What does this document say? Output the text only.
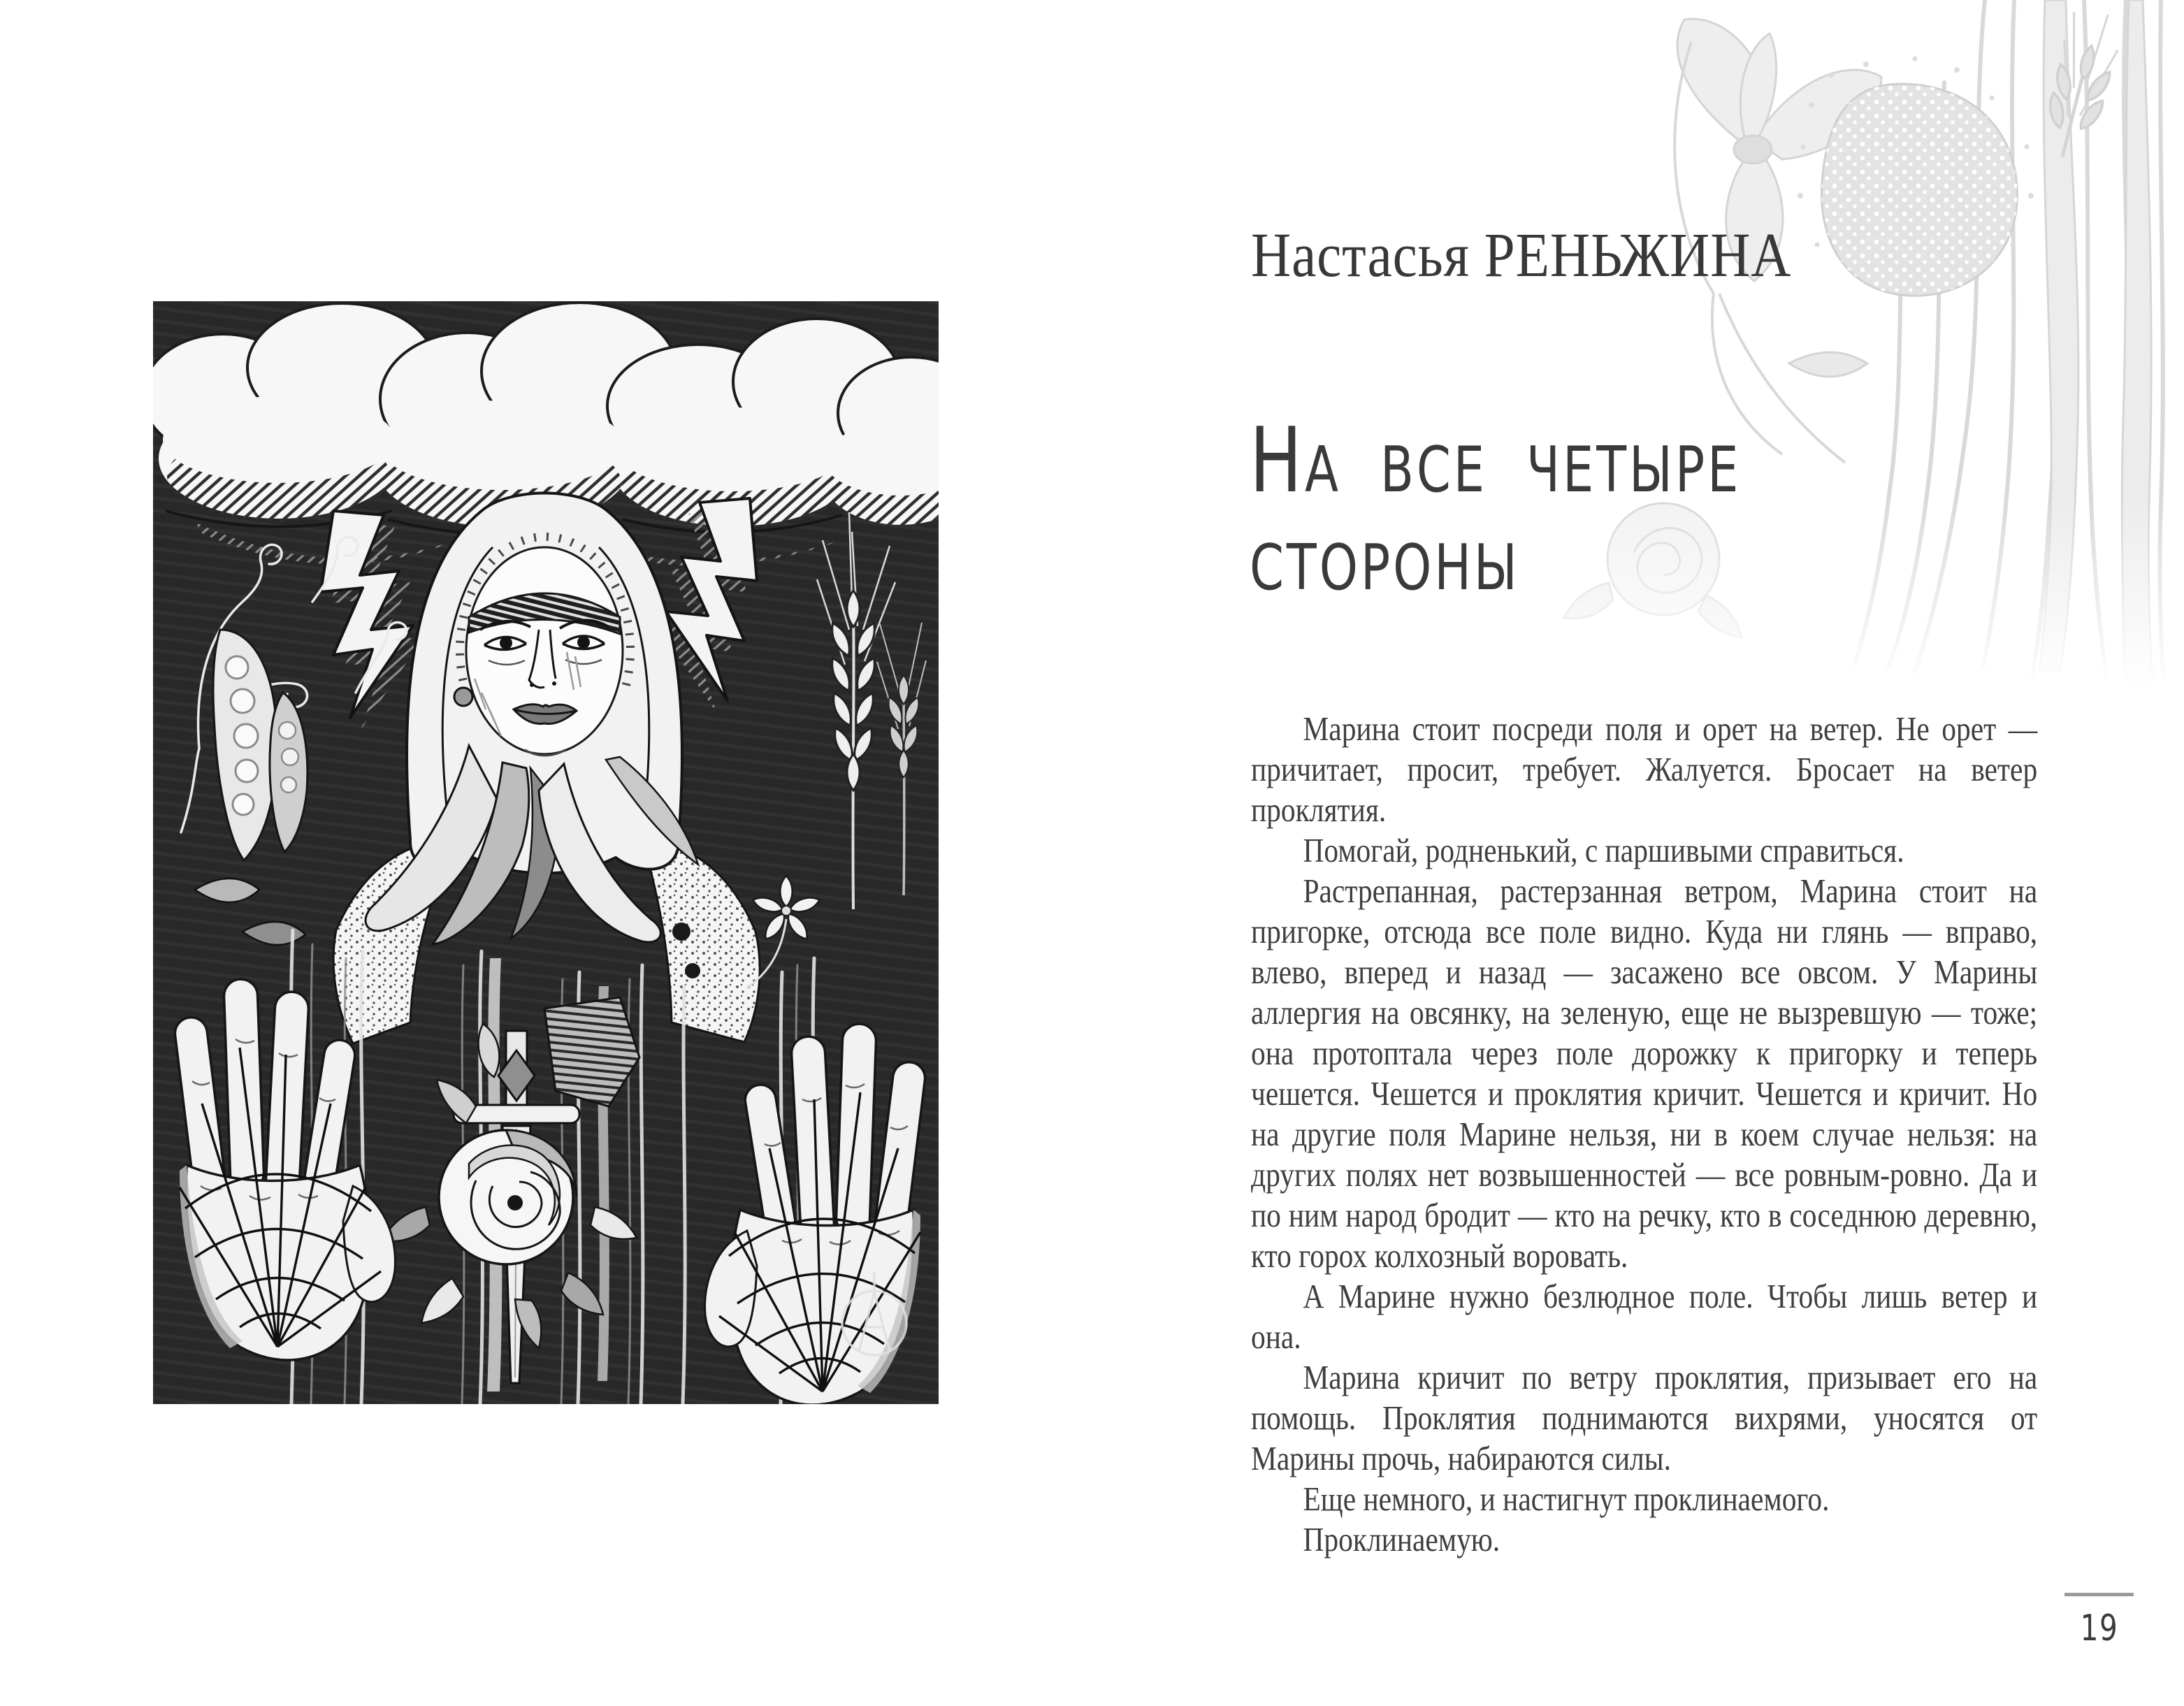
Настасья РЕНЬЖИНА
На все четыре
стороны

Марина стоит посреди поля и орет на ветер. Не орет — причитает, просит, требует. Жалуется. Бросает на ветер проклятия.

Помогай, родненький, с паршивыми справиться.

Растрепанная, растерзанная ветром, Марина стоит на пригорке, отсюда все поле видно. Куда ни глянь — вправо, влево, вперед и назад — засажено все овсом. У Марины аллергия на овсянку, на зеленую, еще не вызревшую — тоже; она протоптала через поле дорожку к пригорку и теперь чешется. Чешется и проклятия кричит. Чешется и кричит. Но на другие поля Марине нельзя, ни в коем случае нельзя: на других полях нет возвышенностей — все ровным-ровно. Да и по ним народ бродит — кто на речку, кто в соседнюю деревню, кто горох колхозный воровать.

А Марине нужно безлюдное поле. Чтобы лишь ветер и она.

Марина кричит по ветру проклятия, призывает его на помощь. Проклятия поднимаются вихрями, уносятся от Марины прочь, набираются силы.

Еще немного, и настигнут проклинаемого.

Проклинаемую.

19
